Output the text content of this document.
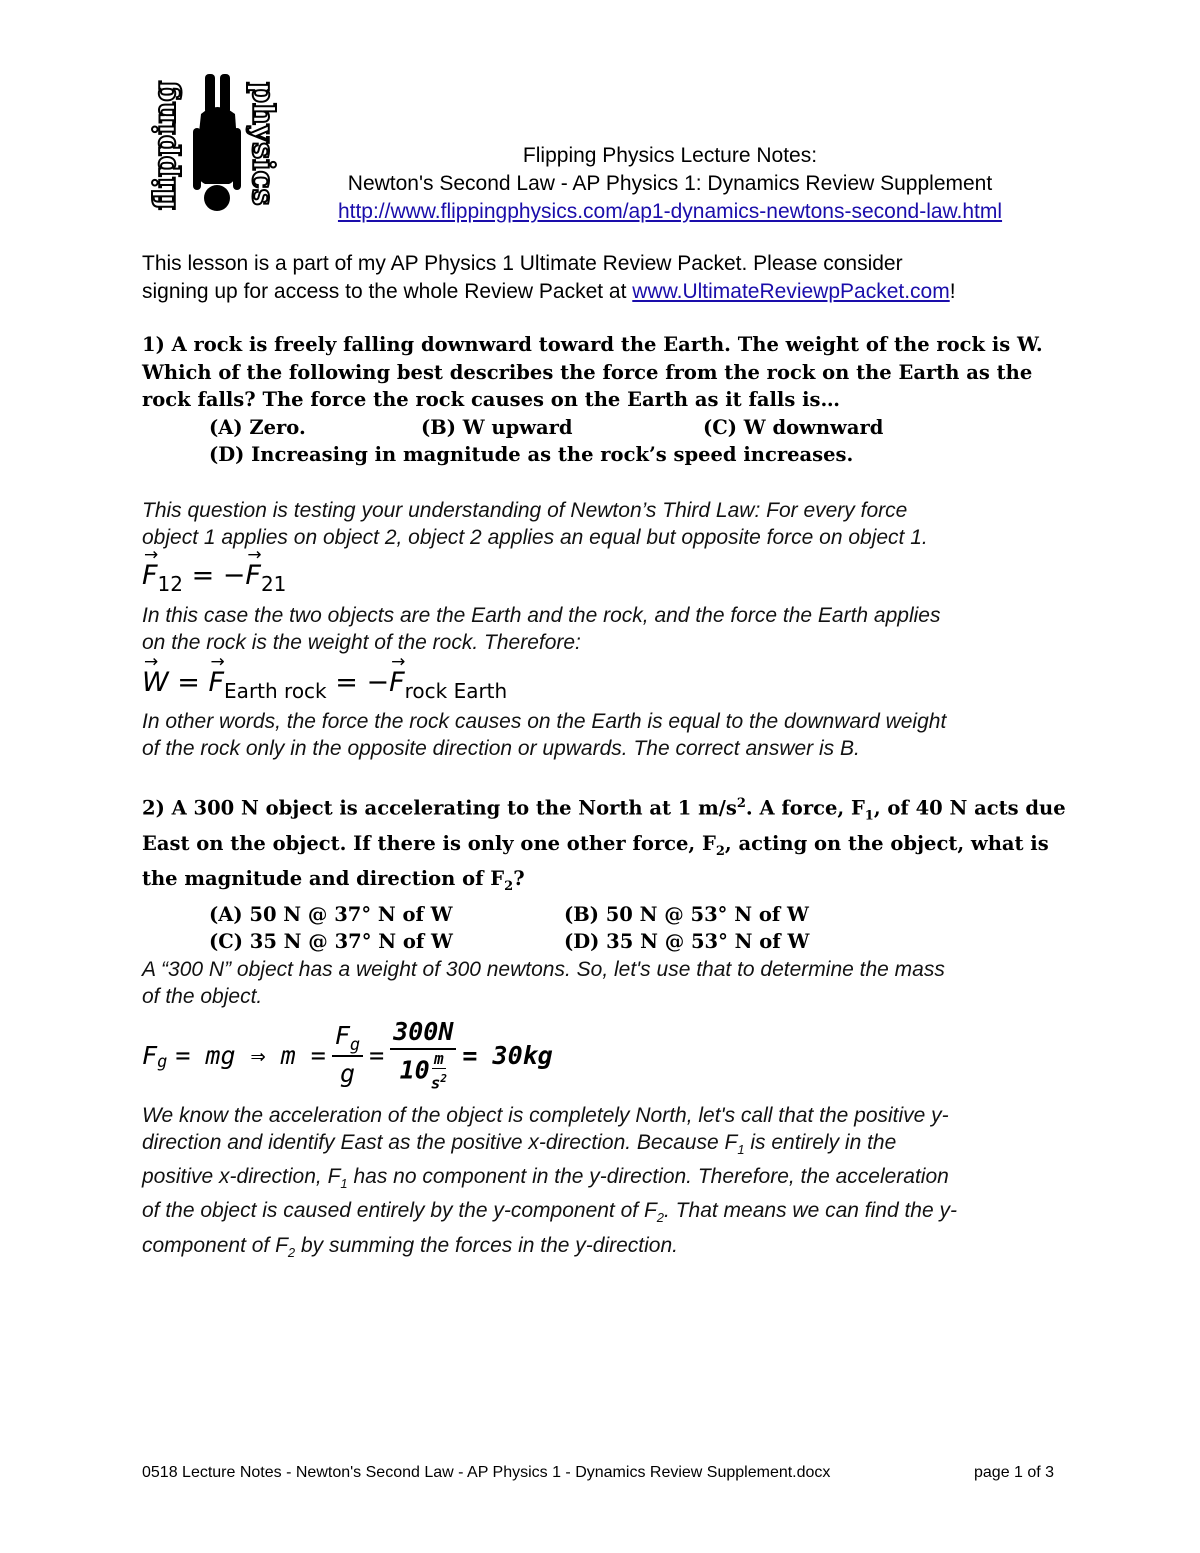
flipping physics	Flipping Physics Lecture Notes:
Newton's Second Law - AP Physics 1: Dynamics Review Supplement
http://www.flippingphysics.com/ap1-dynamics-newtons-second-law.html
This lesson is a part of my AP Physics 1 Ultimate Review Packet. Please consider
signing up for access to the whole Review Packet at www.UltimateReviewpPacket.com!
1) A rock is freely falling downward toward the Earth. The weight of the rock is W.
Which of the following best describes the force from the rock on the Earth as the
rock falls? The force the rock causes on the Earth as it falls is…
(A) Zero.	(B) W upward	(C) W downward
(D) Increasing in magnitude as the rock’s speed increases.
This question is testing your understanding of Newton’s Third Law: For every force
object 1 applies on object 2, object 2 applies an equal but opposite force on object 1.
→ $F_{12}$ = −→ $F_{21}$
In this case the two objects are the Earth and the rock, and the force the Earth applies
on the rock is the weight of the rock. Therefore:
→ W = → $F_{Earth rock}$ = −→ $F_{rock Earth}$
In other words, the force the rock causes on the Earth is equal to the downward weight
of the rock only in the opposite direction or upwards. The correct answer is B.
2) A 300 N object is accelerating to the North at 1 $m/s^2$. A force, $F_1$, of 40 N acts due
East on the object. If there is only one other force, $F_2$, acting on the object, what is
the magnitude and direction of $F_2$?
(A) 50 N @ 37° N of W	(B) 50 N @ 53° N of W
(C) 35 N @ 37° N of W	(D) 35 N @ 53° N of W
A “300 N” object has a weight of 300 newtons. So, let's use that to determine the mass
of the object.
F g = mg ⇒ $m = \frac{F_g}{g} = \frac{300N}{10 \frac{m}{s^2}} = 30kg$
We know the acceleration of the object is completely North, let's call that the positive y-
direction and identify East as the positive x-direction. Because $F_1$ is entirely in the
positive x-direction, $F_1$ has no component in the y-direction. Therefore, the acceleration
of the object is caused entirely by the y-component of $F_2$. That means we can find the y-
component of $F_2$ by summing the forces in the y-direction.
0518 Lecture Notes - Newton's Second Law - AP Physics 1 - Dynamics Review Supplement.docx	page 1 of 3
